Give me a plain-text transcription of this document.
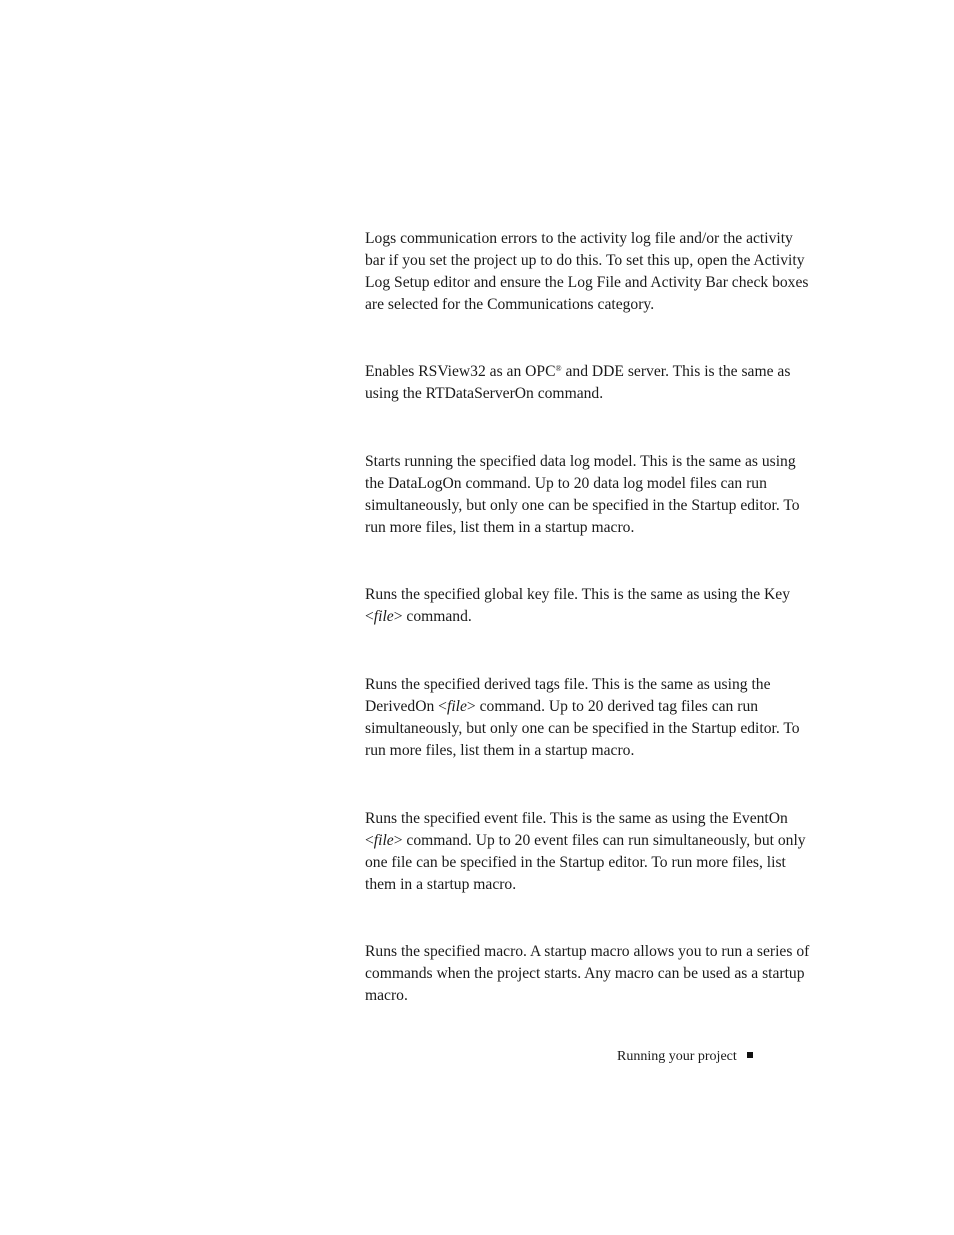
Logs communication errors to the activity log file and/or the activity bar if you set the project up to do this. To set this up, open the Activity Log Setup editor and ensure the Log File and Activity Bar check boxes are selected for the Communications category.

Enables RSView32 as an OPC® and DDE server. This is the same as using the RTDataServerOn command.

Starts running the specified data log model. This is the same as using the DataLogOn command. Up to 20 data log model files can run simultaneously, but only one can be specified in the Startup editor. To run more files, list them in a startup macro.

Runs the specified global key file. This is the same as using the Key <file> command.

Runs the specified derived tags file. This is the same as using the DerivedOn <file> command. Up to 20 derived tag files can run simultaneously, but only one can be specified in the Startup editor. To run more files, list them in a startup macro.

Runs the specified event file. This is the same as using the EventOn <file> command. Up to 20 event files can run simultaneously, but only one file can be specified in the Startup editor. To run more files, list them in a startup macro.

Runs the specified macro. A startup macro allows you to run a series of commands when the project starts. Any macro can be used as a startup macro.

Running your project
